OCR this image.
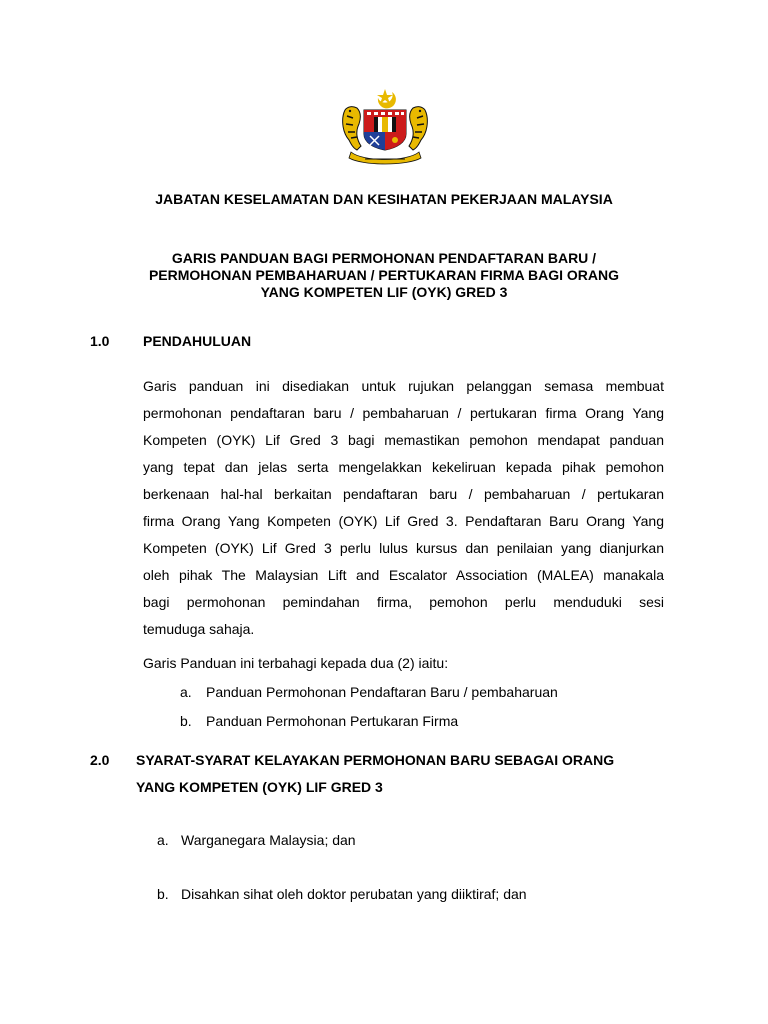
JABATAN KESELAMATAN DAN KESIHATAN PEKERJAAN MALAYSIA
GARIS PANDUAN BAGI PERMOHONAN PENDAFTARAN BARU /
PERMOHONAN PEMBAHARUAN / PERTUKARAN FIRMA BAGI ORANG
YANG KOMPETEN LIF (OYK) GRED 3
1.0 PENDAHULUAN
Garis panduan ini disediakan untuk rujukan pelanggan semasa membuat
permohonan pendaftaran baru / pembaharuan / pertukaran firma Orang Yang
Kompeten (OYK) Lif Gred 3 bagi memastikan pemohon mendapat panduan
yang tepat dan jelas serta mengelakkan kekeliruan kepada pihak pemohon
berkenaan hal-hal berkaitan pendaftaran baru / pembaharuan / pertukaran
firma Orang Yang Kompeten (OYK) Lif Gred 3. Pendaftaran Baru Orang Yang
Kompeten (OYK) Lif Gred 3 perlu lulus kursus dan penilaian yang dianjurkan
oleh pihak The Malaysian Lift and Escalator Association (MALEA) manakala
bagi permohonan pemindahan firma, pemohon perlu menduduki sesi
temuduga sahaja.
Garis Panduan ini terbahagi kepada dua (2) iaitu:
a. Panduan Permohonan Pendaftaran Baru / pembaharuan
b. Panduan Permohonan Pertukaran Firma
2.0 SYARAT-SYARAT KELAYAKAN PERMOHONAN BARU SEBAGAI ORANG
YANG KOMPETEN (OYK) LIF GRED 3
a. Warganegara Malaysia; dan
b. Disahkan sihat oleh doktor perubatan yang diiktiraf; dan
